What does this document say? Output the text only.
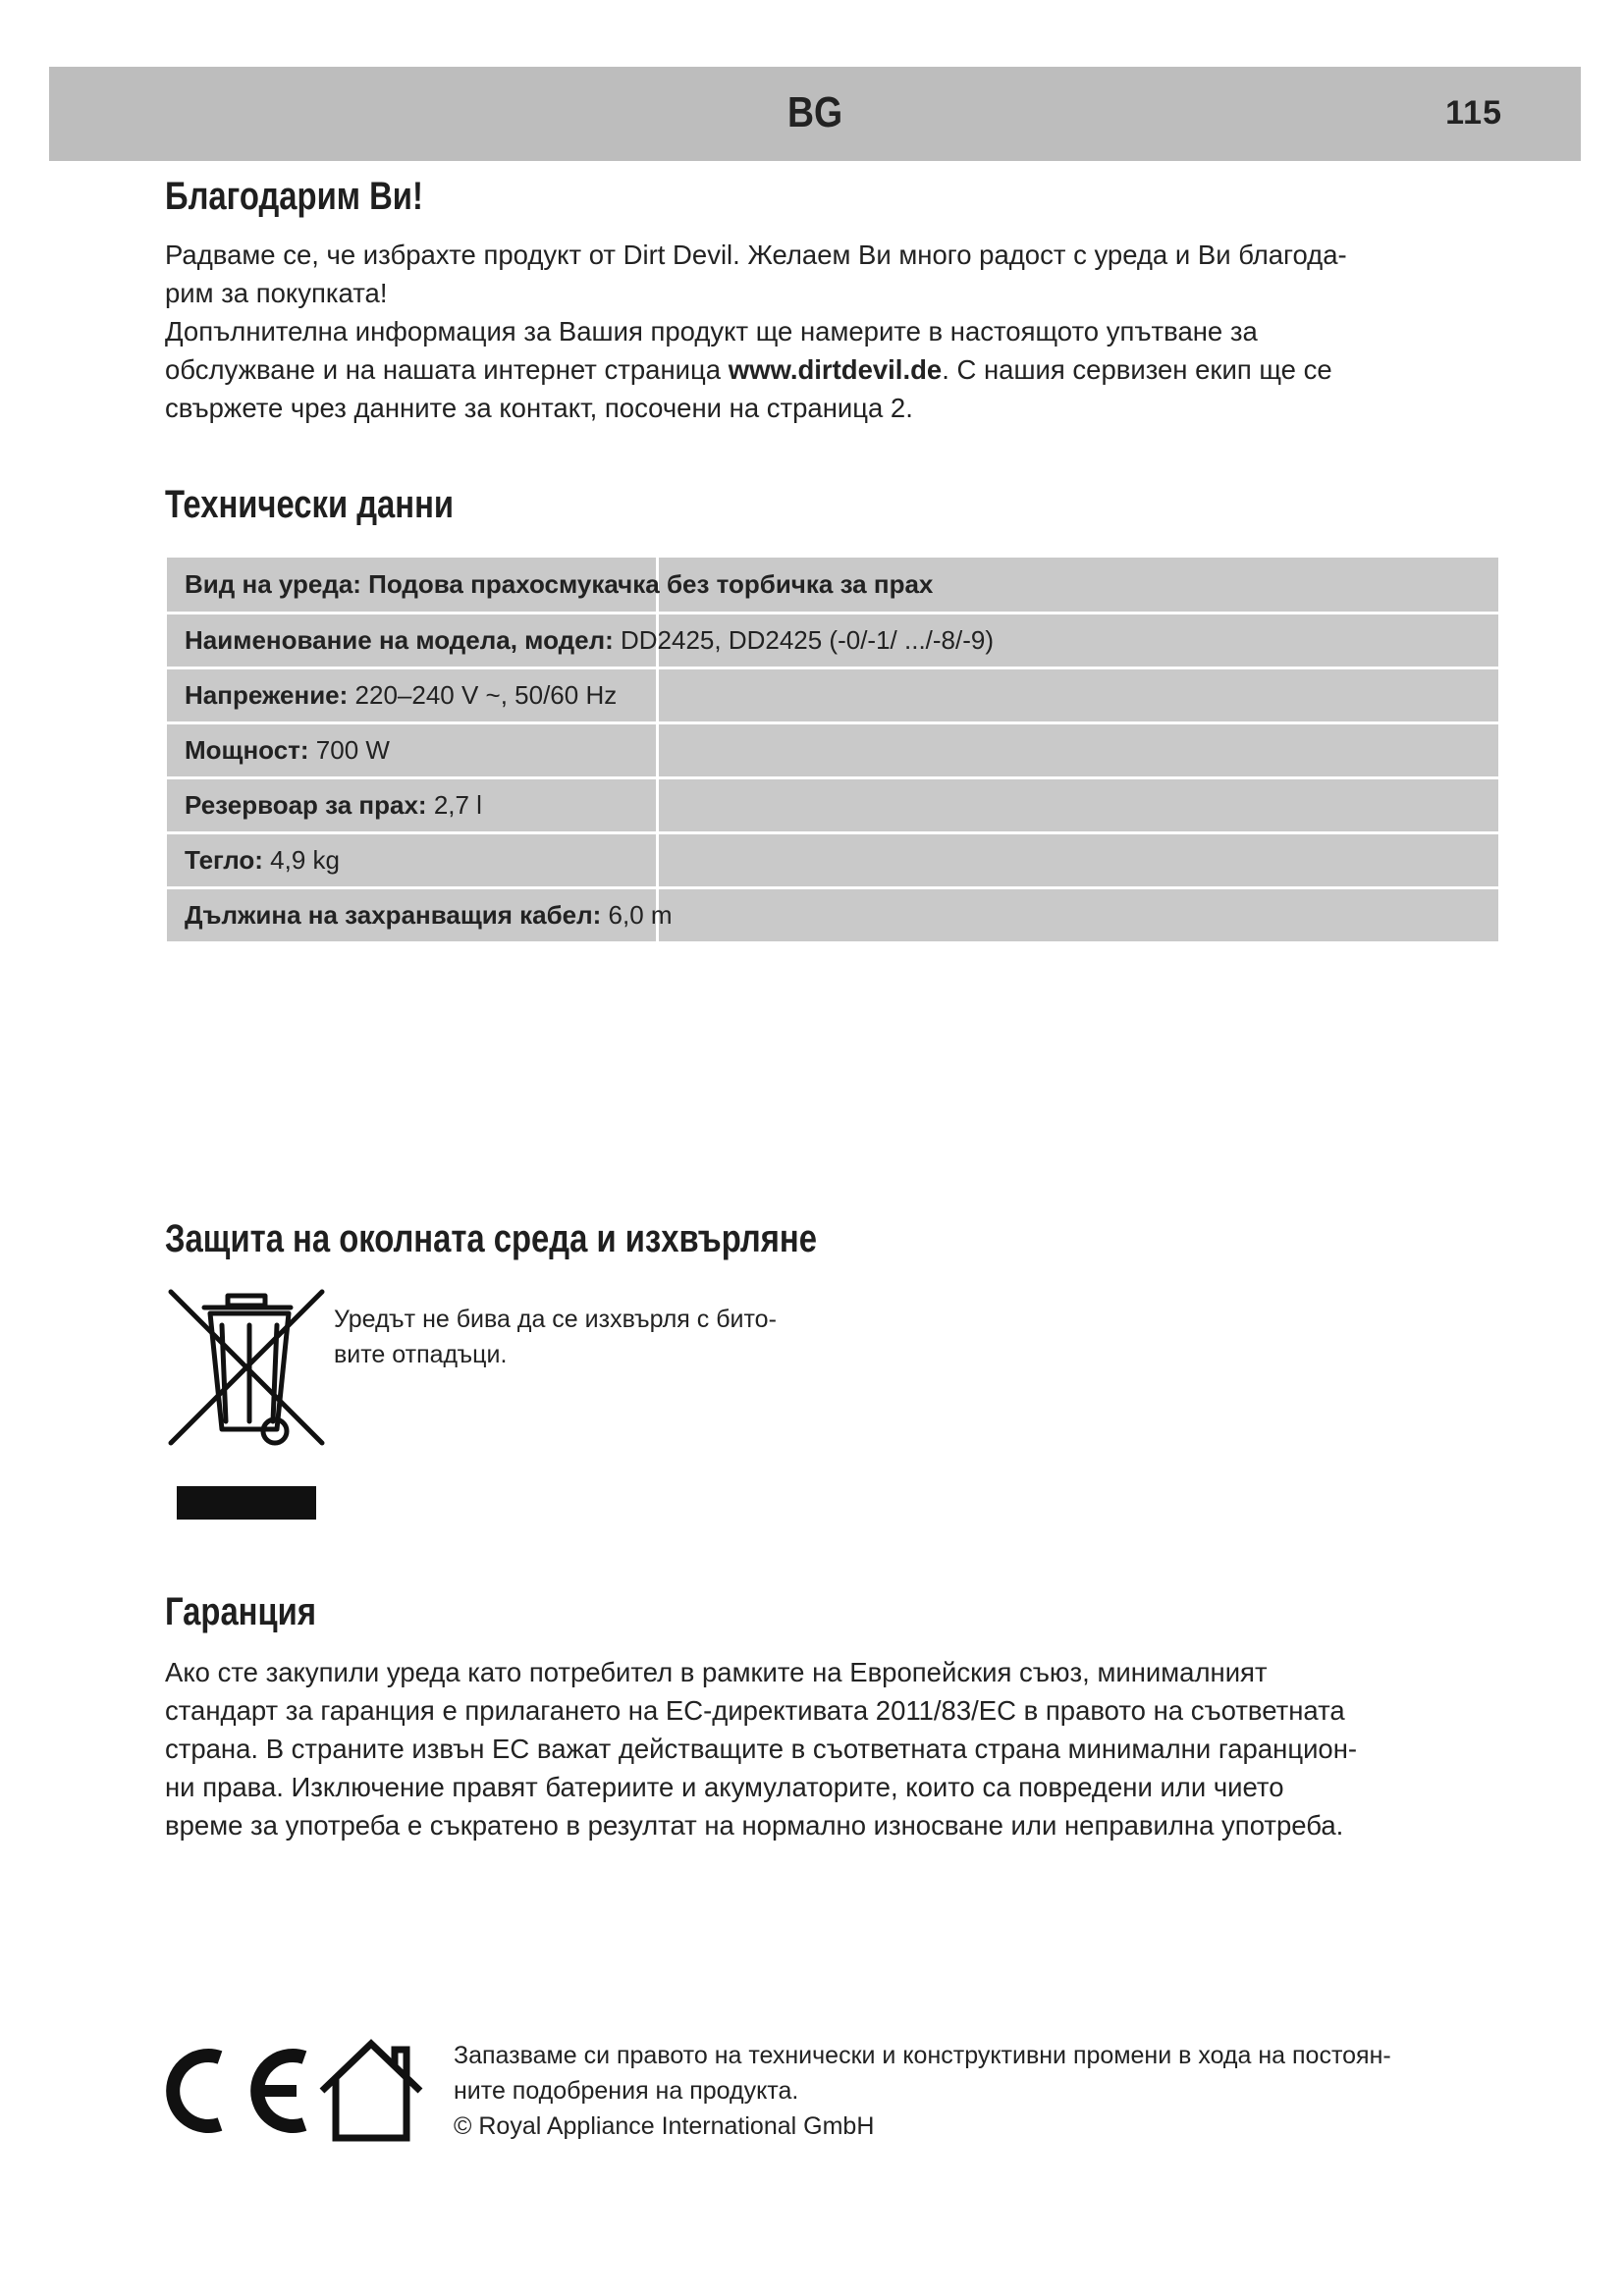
BG	115
Благодарим Ви!
Радваме се, че избрахте продукт от Dirt Devil. Желаем Ви много радост с уреда и Ви благода-
рим за покупката!
Допълнителна информация за Вашия продукт ще намерите в настоящото упътване за
обслужване и на нашата интернет страница www.dirtdevil.de. С нашия сервизен екип ще се
свържете чрез данните за контакт, посочени на страница 2.
Технически данни
Вид на уреда: Подова прахосмукачка без торбичка за прах

Наименование на модела, модел: DD2425, DD2425 (-0/-1/ .../-8/-9)

Напрежение: 220–240 V ~, 50/60 Hz

Мощност: 700 W

Резервоар за прах: 2,7 l

Тегло: 4,9 kg

Дължина на захранващия кабел: 6,0 m
Защита на околната среда и изхвърляне
Уредът не бива да се изхвърля с бито-
вите отпадъци.
Гаранция
Ако сте закупили уреда като потребител в рамките на Европейския съюз, минималният
стандарт за гаранция е прилагането на ЕС-директивата 2011/83/ЕС в правото на съответната
страна. В страните извън ЕС важат действащите в съответната страна минимални гаранцион-
ни права. Изключение правят батериите и акумулаторите, които са повредени или чието
време за употреба е съкратено в резултат на нормално износване или неправилна употреба.
Запазваме си правото на технически и конструктивни промени в хода на постоян-
ните подобрения на продукта.
© Royal Appliance International GmbH
